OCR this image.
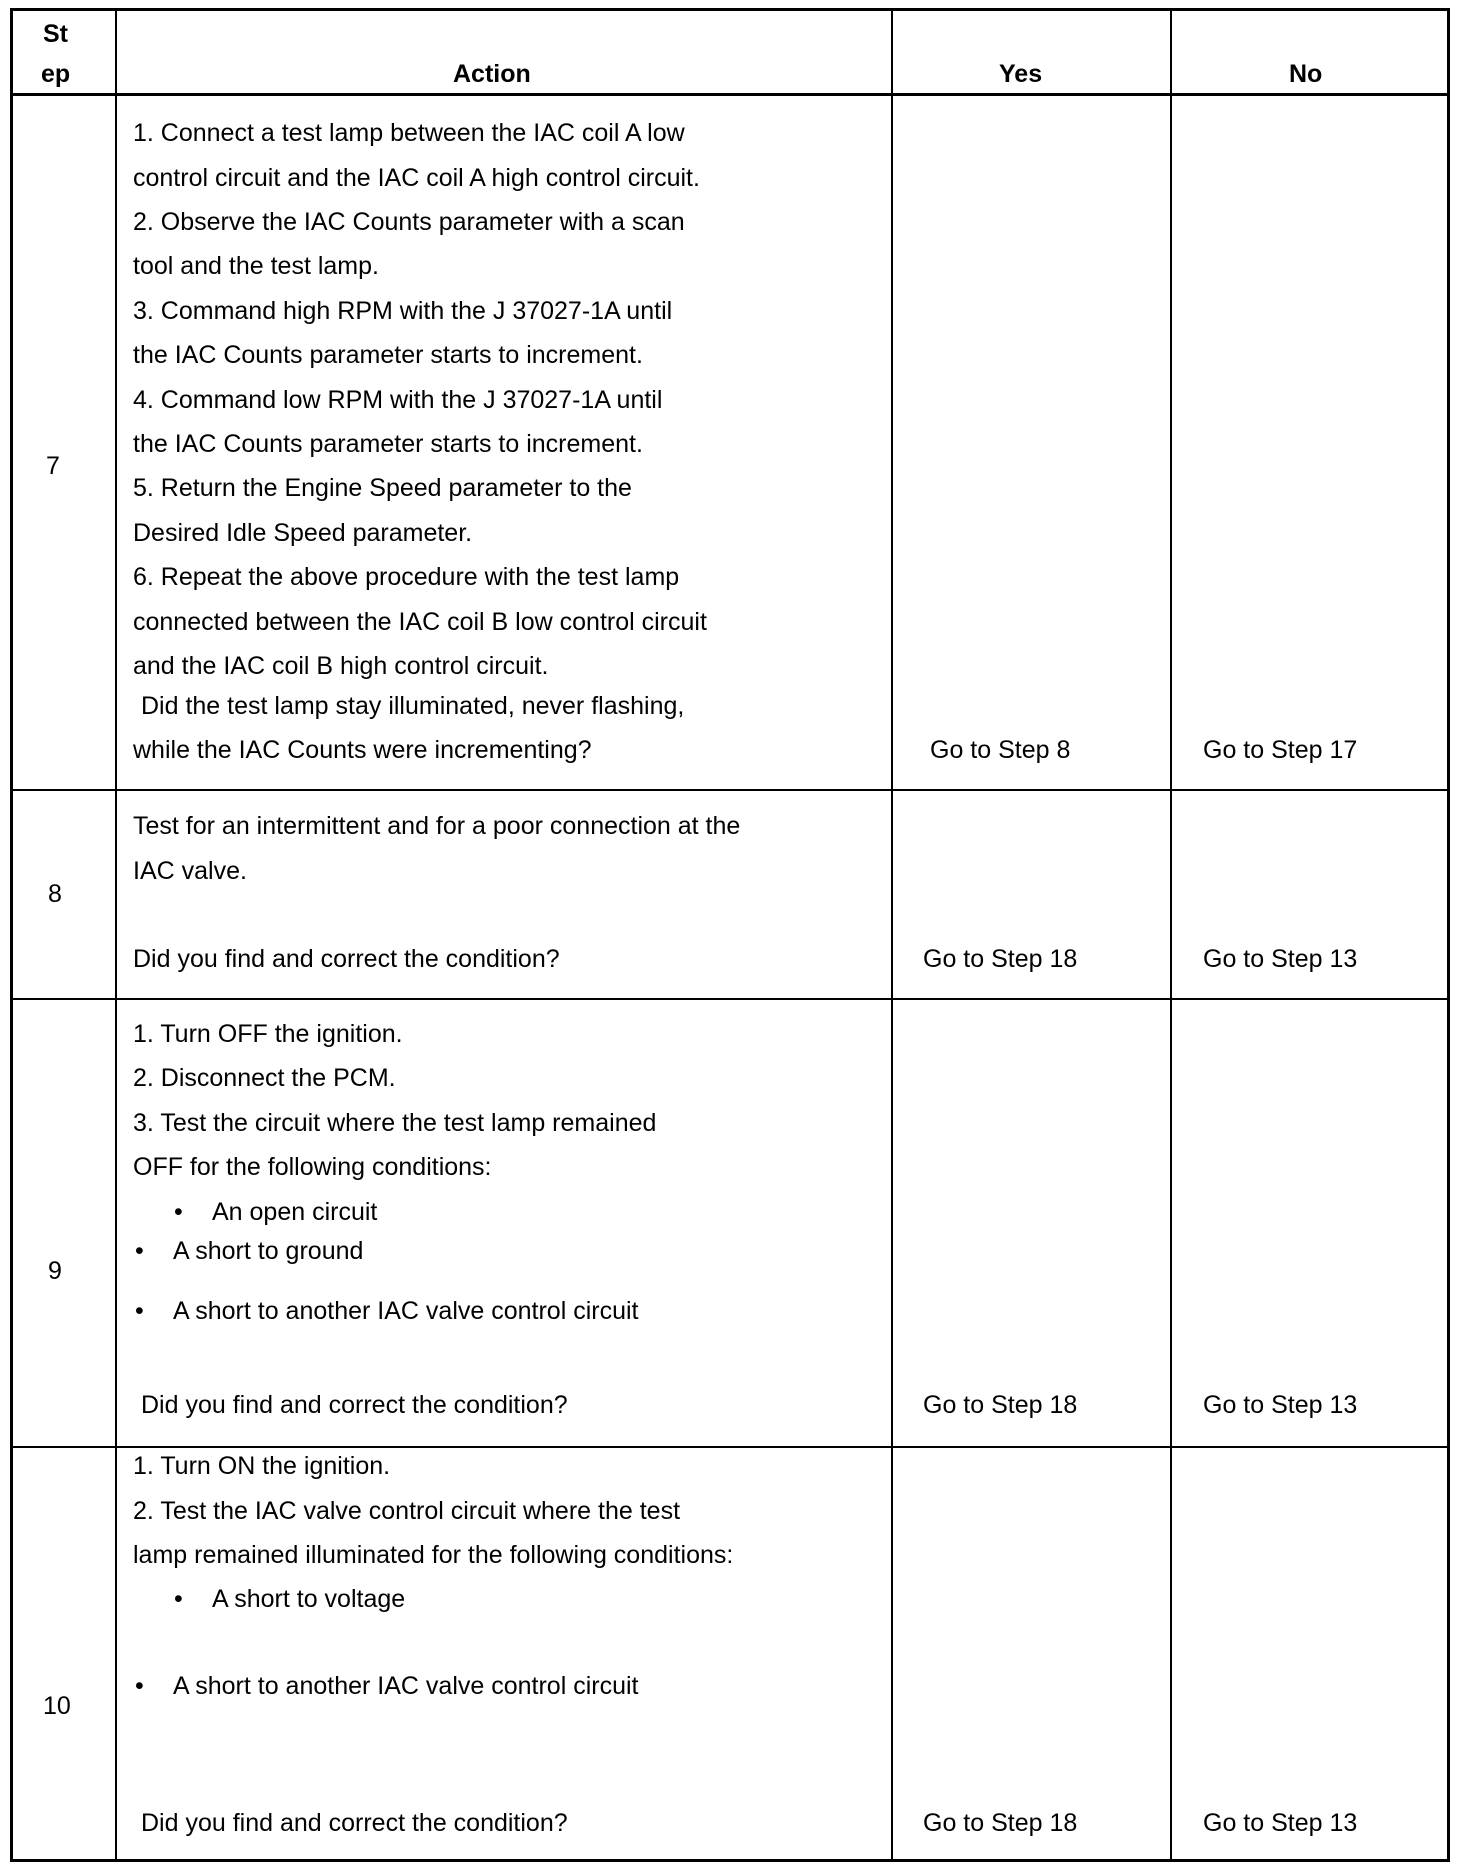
St
ep	Action	Yes	No
7
1. Connect a test lamp between the IAC coil A low
control circuit and the IAC coil A high control circuit.
2. Observe the IAC Counts parameter with a scan
tool and the test lamp.
3. Command high RPM with the J 37027-1A until
the IAC Counts parameter starts to increment.
4. Command low RPM with the J 37027-1A until
the IAC Counts parameter starts to increment.
5. Return the Engine Speed parameter to the
Desired Idle Speed parameter.
6. Repeat the above procedure with the test lamp
connected between the IAC coil B low control circuit
and the IAC coil B high control circuit.
Did the test lamp stay illuminated, never flashing,
while the IAC Counts were incrementing?	Go to Step 8	Go to Step 17
8
Test for an intermittent and for a poor connection at the
IAC valve.
Did you find and correct the condition?	Go to Step 18	Go to Step 13
9
1. Turn OFF the ignition.
2. Disconnect the PCM.
3. Test the circuit where the test lamp remained
OFF for the following conditions:
• An open circuit
• A short to ground
• A short to another IAC valve control circuit
Did you find and correct the condition?	Go to Step 18	Go to Step 13
10
1. Turn ON the ignition.
2. Test the IAC valve control circuit where the test
lamp remained illuminated for the following conditions:
• A short to voltage
• A short to another IAC valve control circuit
Did you find and correct the condition?	Go to Step 18	Go to Step 13
